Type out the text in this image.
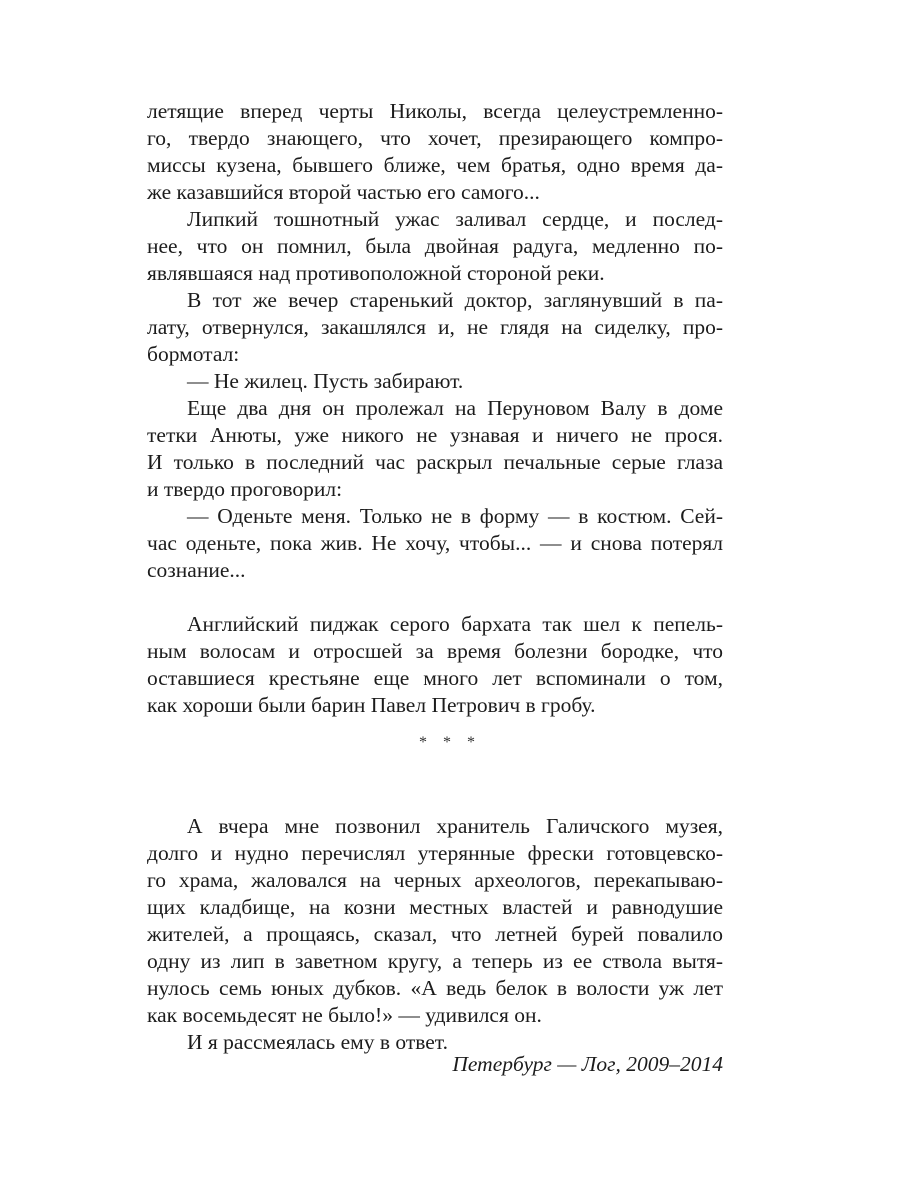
летящие вперед черты Николы, всегда целеустремленно-
го, твердо знающего, что хочет, презирающего компро-
миссы кузена, бывшего ближе, чем братья, одно время да-
же казавшийся второй частью его самого...
Липкий тошнотный ужас заливал сердце, и послед-
нее, что он помнил, была двойная радуга, медленно по-
являвшаяся над противоположной стороной реки.
В тот же вечер старенький доктор, заглянувший в па-
лату, отвернулся, закашлялся и, не глядя на сиделку, про-
бормотал:
— Не жилец. Пусть забирают.
Еще два дня он пролежал на Перуновом Валу в доме
тетки Анюты, уже никого не узнавая и ничего не прося.
И только в последний час раскрыл печальные серые глаза
и твердо проговорил:
— Оденьте меня. Только не в форму — в костюм. Сей-
час оденьте, пока жив. Не хочу, чтобы... — и снова потерял
сознание...
Английский пиджак серого бархата так шел к пепель-
ным волосам и отросшей за время болезни бородке, что
оставшиеся крестьяне еще много лет вспоминали о том,
как хороши были барин Павел Петрович в гробу.
* * *
А вчера мне позвонил хранитель Галичского музея,
долго и нудно перечислял утерянные фрески готовцевско-
го храма, жаловался на черных археологов, перекапываю-
щих кладбище, на козни местных властей и равнодушие
жителей, а прощаясь, сказал, что летней бурей повалило
одну из лип в заветном кругу, а теперь из ее ствола вытя-
нулось семь юных дубков. «А ведь белок в волости уж лет
как восемьдесят не было!» — удивился он.
И я рассмеялась ему в ответ.
Петербург — Лог, 2009–2014
